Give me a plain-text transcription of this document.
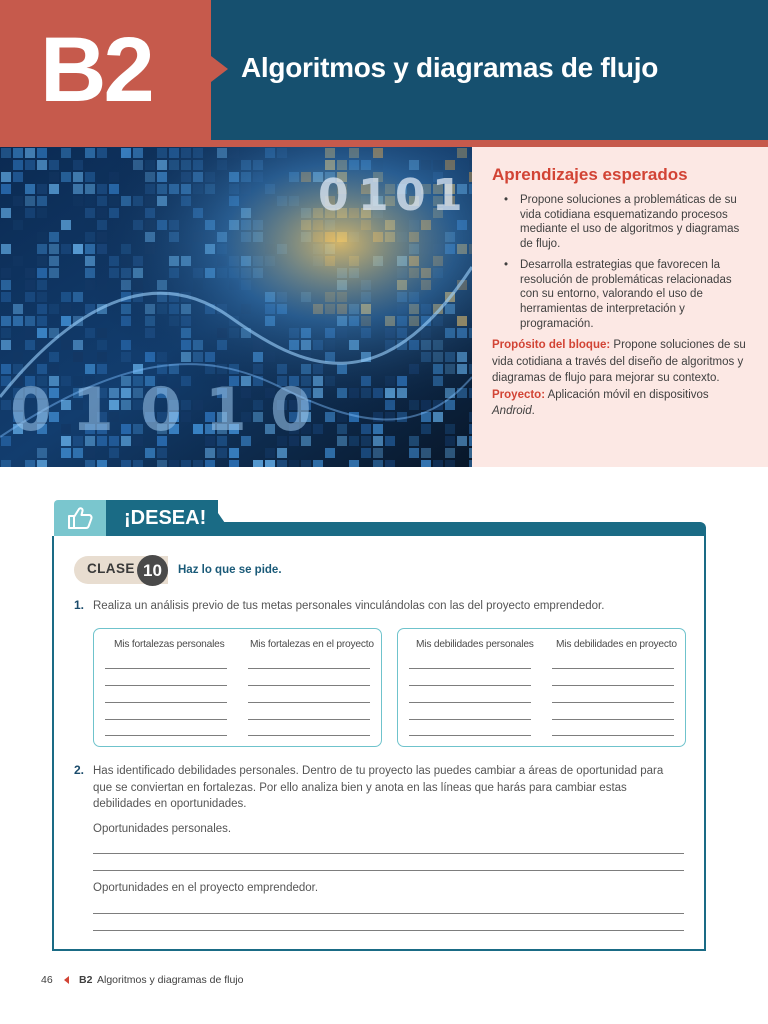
B2	Algoritmos y diagramas de flujo
0 1 0 1
0 1 0 1 0
Aprendizajes esperados
• Propone soluciones a problemáticas de su vida cotidiana esquematizando procesos mediante el uso de algoritmos y diagramas de flujo.
• Desarrolla estrategias que favorecen la resolución de problemáticas relacionadas con su entorno, valorando el uso de herramientas de interpretación y programación.

Propósito del bloque: Propone soluciones de su vida cotidiana a través del diseño de algoritmos y diagramas de flujo para mejorar su contexto.

Proyecto: Aplicación móvil en dispositivos Android.

¡DESEA!
CLASE 10	Haz lo que se pide.
1. Realiza un análisis previo de tus metas personales vinculándolas con las del proyecto emprendedor.
Mis fortalezas personales Mis fortalezas en el proyecto	Mis debilidades personales Mis debilidades en proyecto
2. Has identificado debilidades personales. Dentro de tu proyecto las puedes cambiar a áreas de oportunidad para que se conviertan en fortalezas. Por ello analiza bien y anota en las líneas que harás para cambiar estas debilidades en oportunidades.
Oportunidades personales.
Oportunidades en el proyecto emprendedor.
46	B2 Algoritmos y diagramas de flujo
